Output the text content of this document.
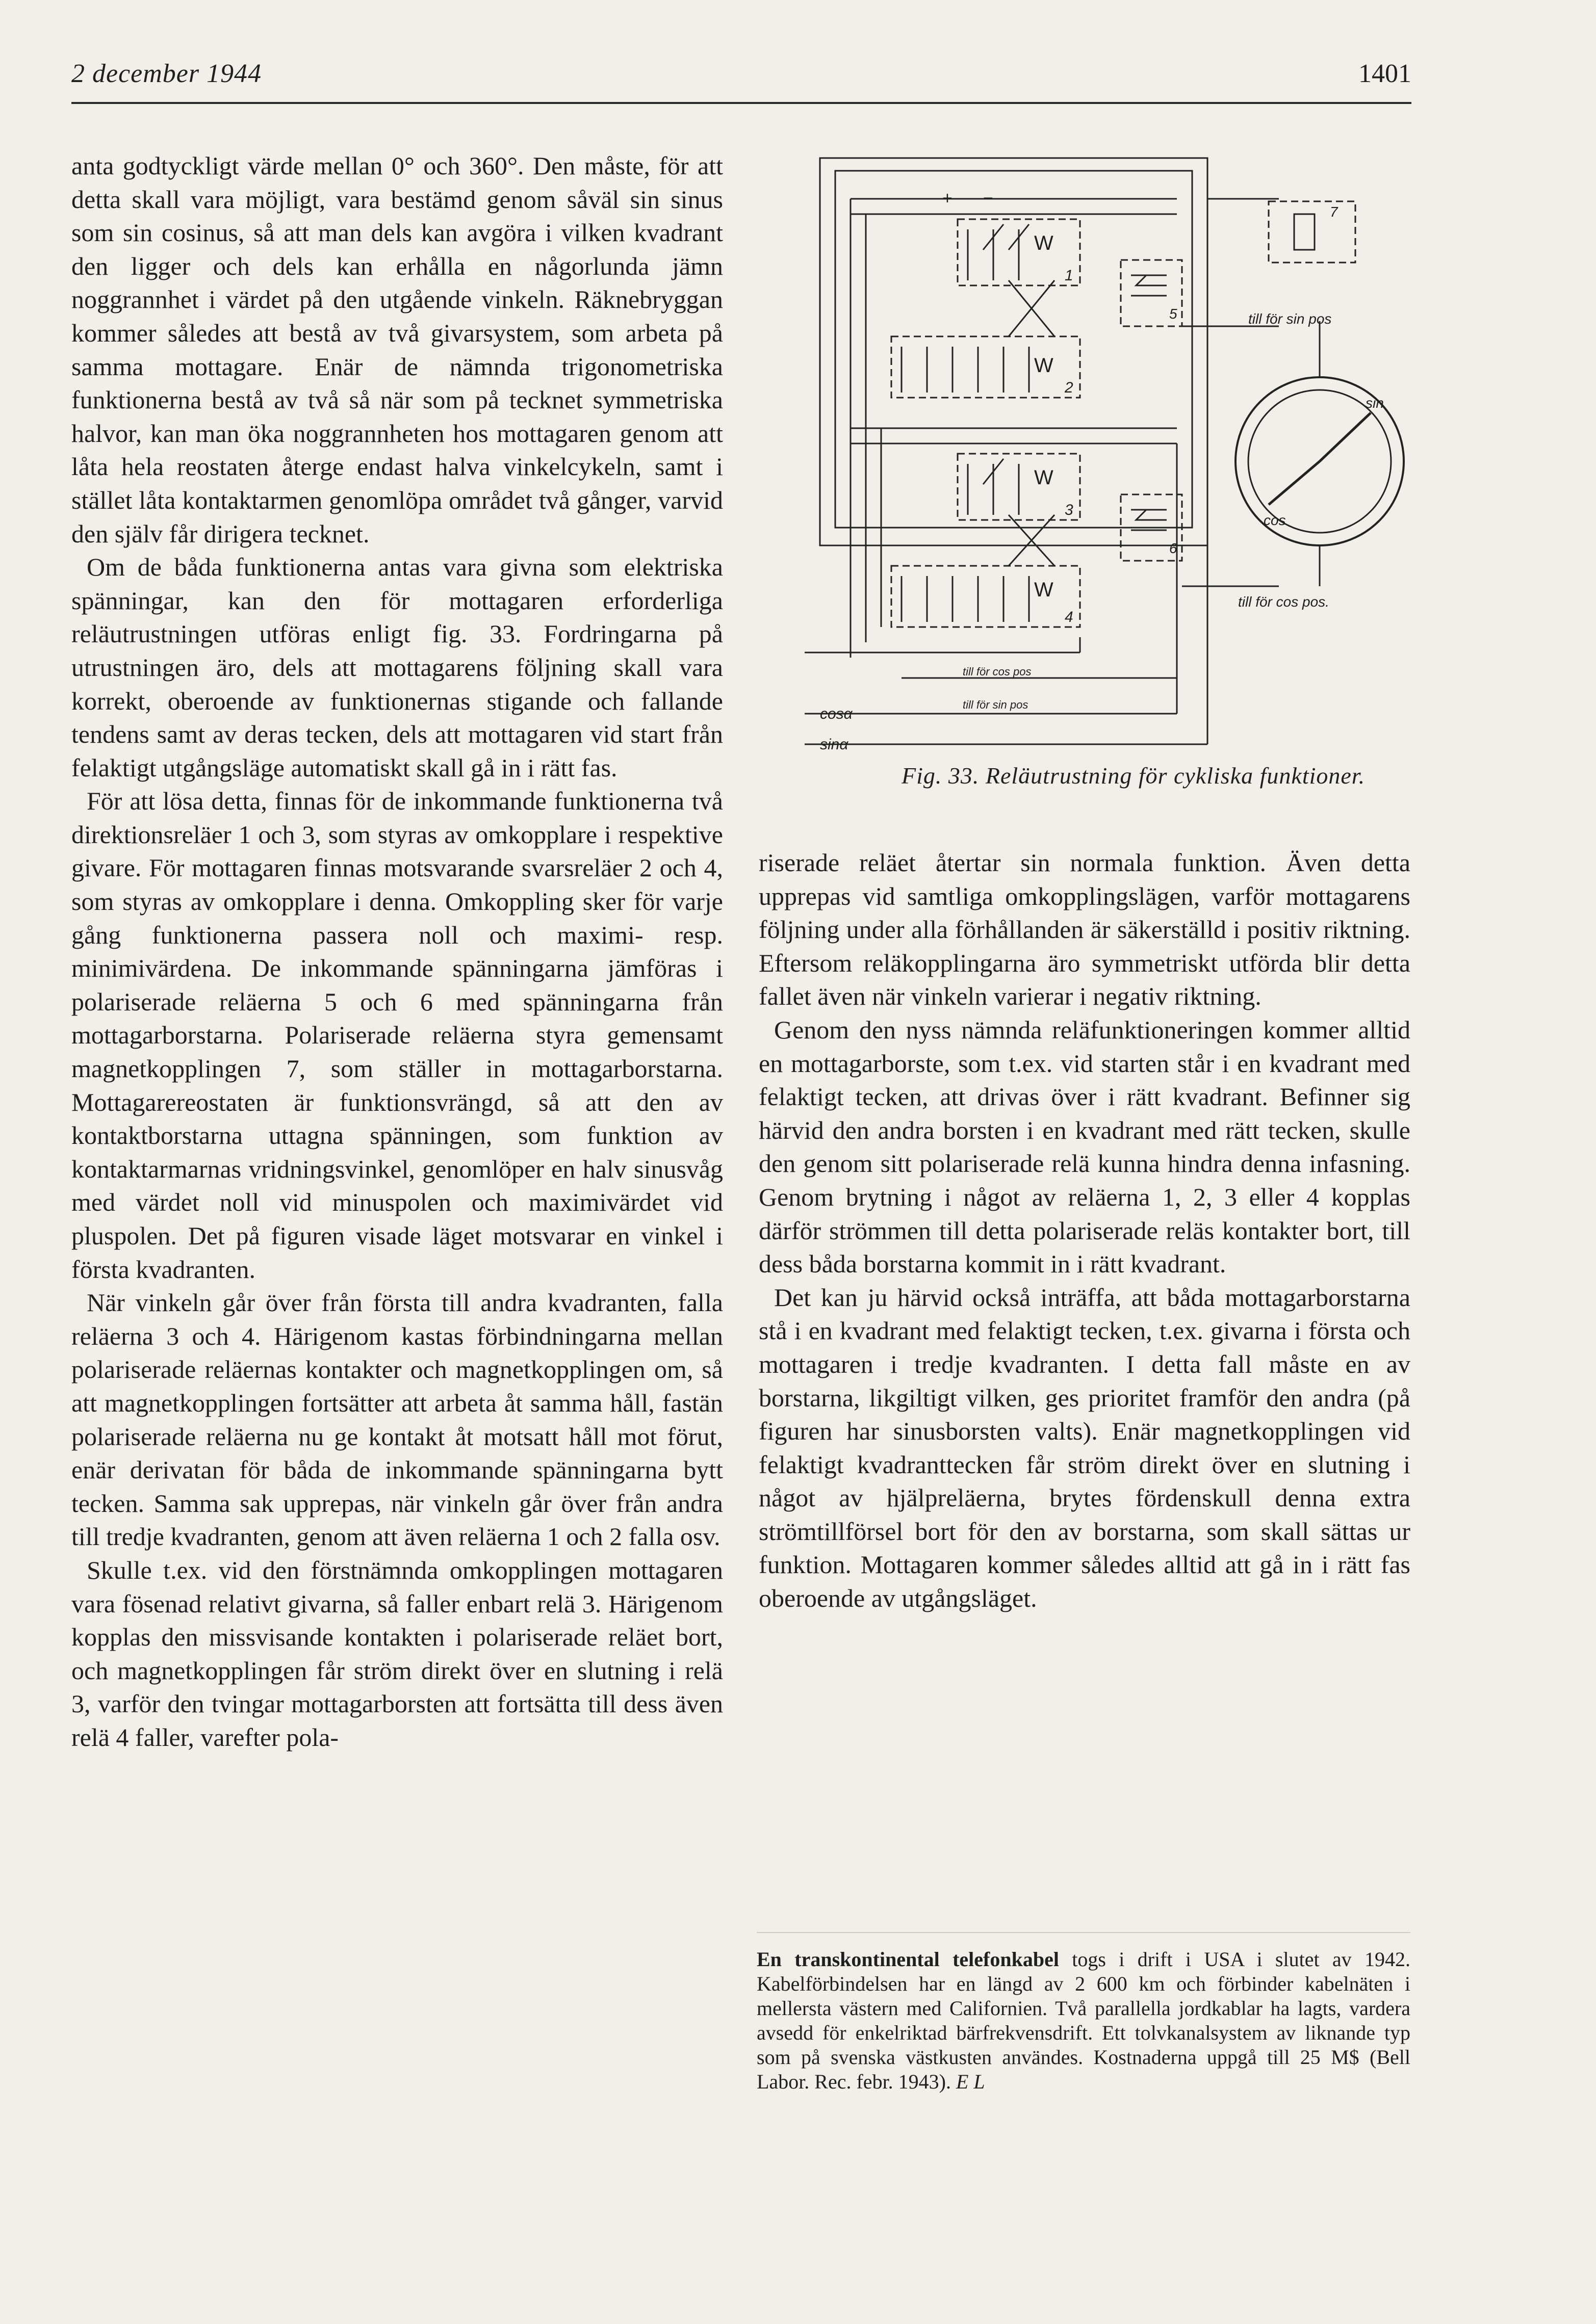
2 december 1944	1401

anta godtyckligt värde mellan 0° och 360°. Den måste, för att detta skall vara möjligt, vara bestämd genom såväl sin sinus som sin cosinus, så att man dels kan avgöra i vilken kvadrant den ligger och dels kan erhålla en någorlunda jämn noggrannhet i värdet på den utgående vinkeln. Räknebryggan kommer således att bestå av två givarsystem, som arbeta på samma mottagare. Enär de nämnda trigonometriska funktionerna bestå av två så när som på tecknet symmetriska halvor, kan man öka noggrannheten hos mottagaren genom att låta hela reostaten återge endast halva vinkelcykeln, samt i stället låta kontaktarmen genomlöpa området två gånger, varvid den själv får dirigera tecknet.

Om de båda funktionerna antas vara givna som elektriska spänningar, kan den för mottagaren erforderliga reläutrustningen utföras enligt fig. 33. Fordringarna på utrustningen äro, dels att mottagarens följning skall vara korrekt, oberoende av funktionernas stigande och fallande tendens samt av deras tecken, dels att mottagaren vid start från felaktigt utgångsläge automatiskt skall gå in i rätt fas.

För att lösa detta, finnas för de inkommande funktionerna två direktionsreläer 1 och 3, som styras av omkopplare i respektive givare. För mottagaren finnas motsvarande svarsreläer 2 och 4, som styras av omkopplare i denna. Omkoppling sker för varje gång funktionerna passera noll och maximi- resp. minimivärdena. De inkommande spänningarna jämföras i polariserade reläerna 5 och 6 med spänningarna från mottagarborstarna. Polariserade reläerna styra gemensamt magnetkopplingen 7, som ställer in mottagarborstarna. Mottagarereostaten är funktionsvrängd, så att den av kontaktborstarna uttagna spänningen, som funktion av kontaktarmarnas vridningsvinkel, genomlöper en halv sinusvåg med värdet noll vid minuspolen och maximivärdet vid pluspolen. Det på figuren visade läget motsvarar en vinkel i första kvadranten.

När vinkeln går över från första till andra kvadranten, falla reläerna 3 och 4. Härigenom kastas förbindningarna mellan polariserade reläernas kontakter och magnetkopplingen om, så att magnetkopplingen fortsätter att arbeta åt samma håll, fastän polariserade reläerna nu ge kontakt åt motsatt håll mot förut, enär derivatan för båda de inkommande spänningarna bytt tecken. Samma sak upprepas, när vinkeln går över från andra till tredje kvadranten, genom att även reläerna 1 och 2 falla osv.

Skulle t.ex. vid den förstnämnda omkopplingen mottagaren vara fösenad relativt givarna, så faller enbart relä 3. Härigenom kopplas den missvisande kontakten i polariserade reläet bort, och magnetkopplingen får ström direkt över en slutning i relä 3, varför den tvingar mottagarborsten att fortsätta till dess även relä 4 faller, varefter pola-

+ −
W
1
W
2
W
3
W
4
5
6
7
till för sin pos
till för cos pos.
sin
cos
till för cos pos
till för sin pos
cosα
sinα
Fig. 33. Reläutrustning för cykliska funktioner.

riserade reläet återtar sin normala funktion. Även detta upprepas vid samtliga omkopplingslägen, varför mottagarens följning under alla förhållanden är säkerställd i positiv riktning. Eftersom reläkopplingarna äro symmetriskt utförda blir detta fallet även när vinkeln varierar i negativ riktning.

Genom den nyss nämnda reläfunktioneringen kommer alltid en mottagarborste, som t.ex. vid starten står i en kvadrant med felaktigt tecken, att drivas över i rätt kvadrant. Befinner sig härvid den andra borsten i en kvadrant med rätt tecken, skulle den genom sitt polariserade relä kunna hindra denna infasning. Genom brytning i något av reläerna 1, 2, 3 eller 4 kopplas därför strömmen till detta polariserade reläs kontakter bort, till dess båda borstarna kommit in i rätt kvadrant.

Det kan ju härvid också inträffa, att båda mottagarborstarna stå i en kvadrant med felaktigt tecken, t.ex. givarna i första och mottagaren i tredje kvadranten. I detta fall måste en av borstarna, likgiltigt vilken, ges prioritet framför den andra (på figuren har sinusborsten valts). Enär magnetkopplingen vid felaktigt kvadranttecken får ström direkt över en slutning i något av hjälpreläerna, brytes fördenskull denna extra strömtillförsel bort för den av borstarna, som skall sättas ur funktion. Mottagaren kommer således alltid att gå in i rätt fas oberoende av utgångsläget.

En transkontinental telefonkabel togs i drift i USA i slutet av 1942. Kabelförbindelsen har en längd av 2 600 km och förbinder kabelnäten i mellersta västern med Californien. Två parallella jordkablar ha lagts, vardera avsedd för enkelriktad bärfrekvensdrift. Ett tolvkanalsystem av liknande typ som på svenska västkusten användes. Kostnaderna uppgå till 25 M$ (Bell Labor. Rec. febr. 1943). E L
